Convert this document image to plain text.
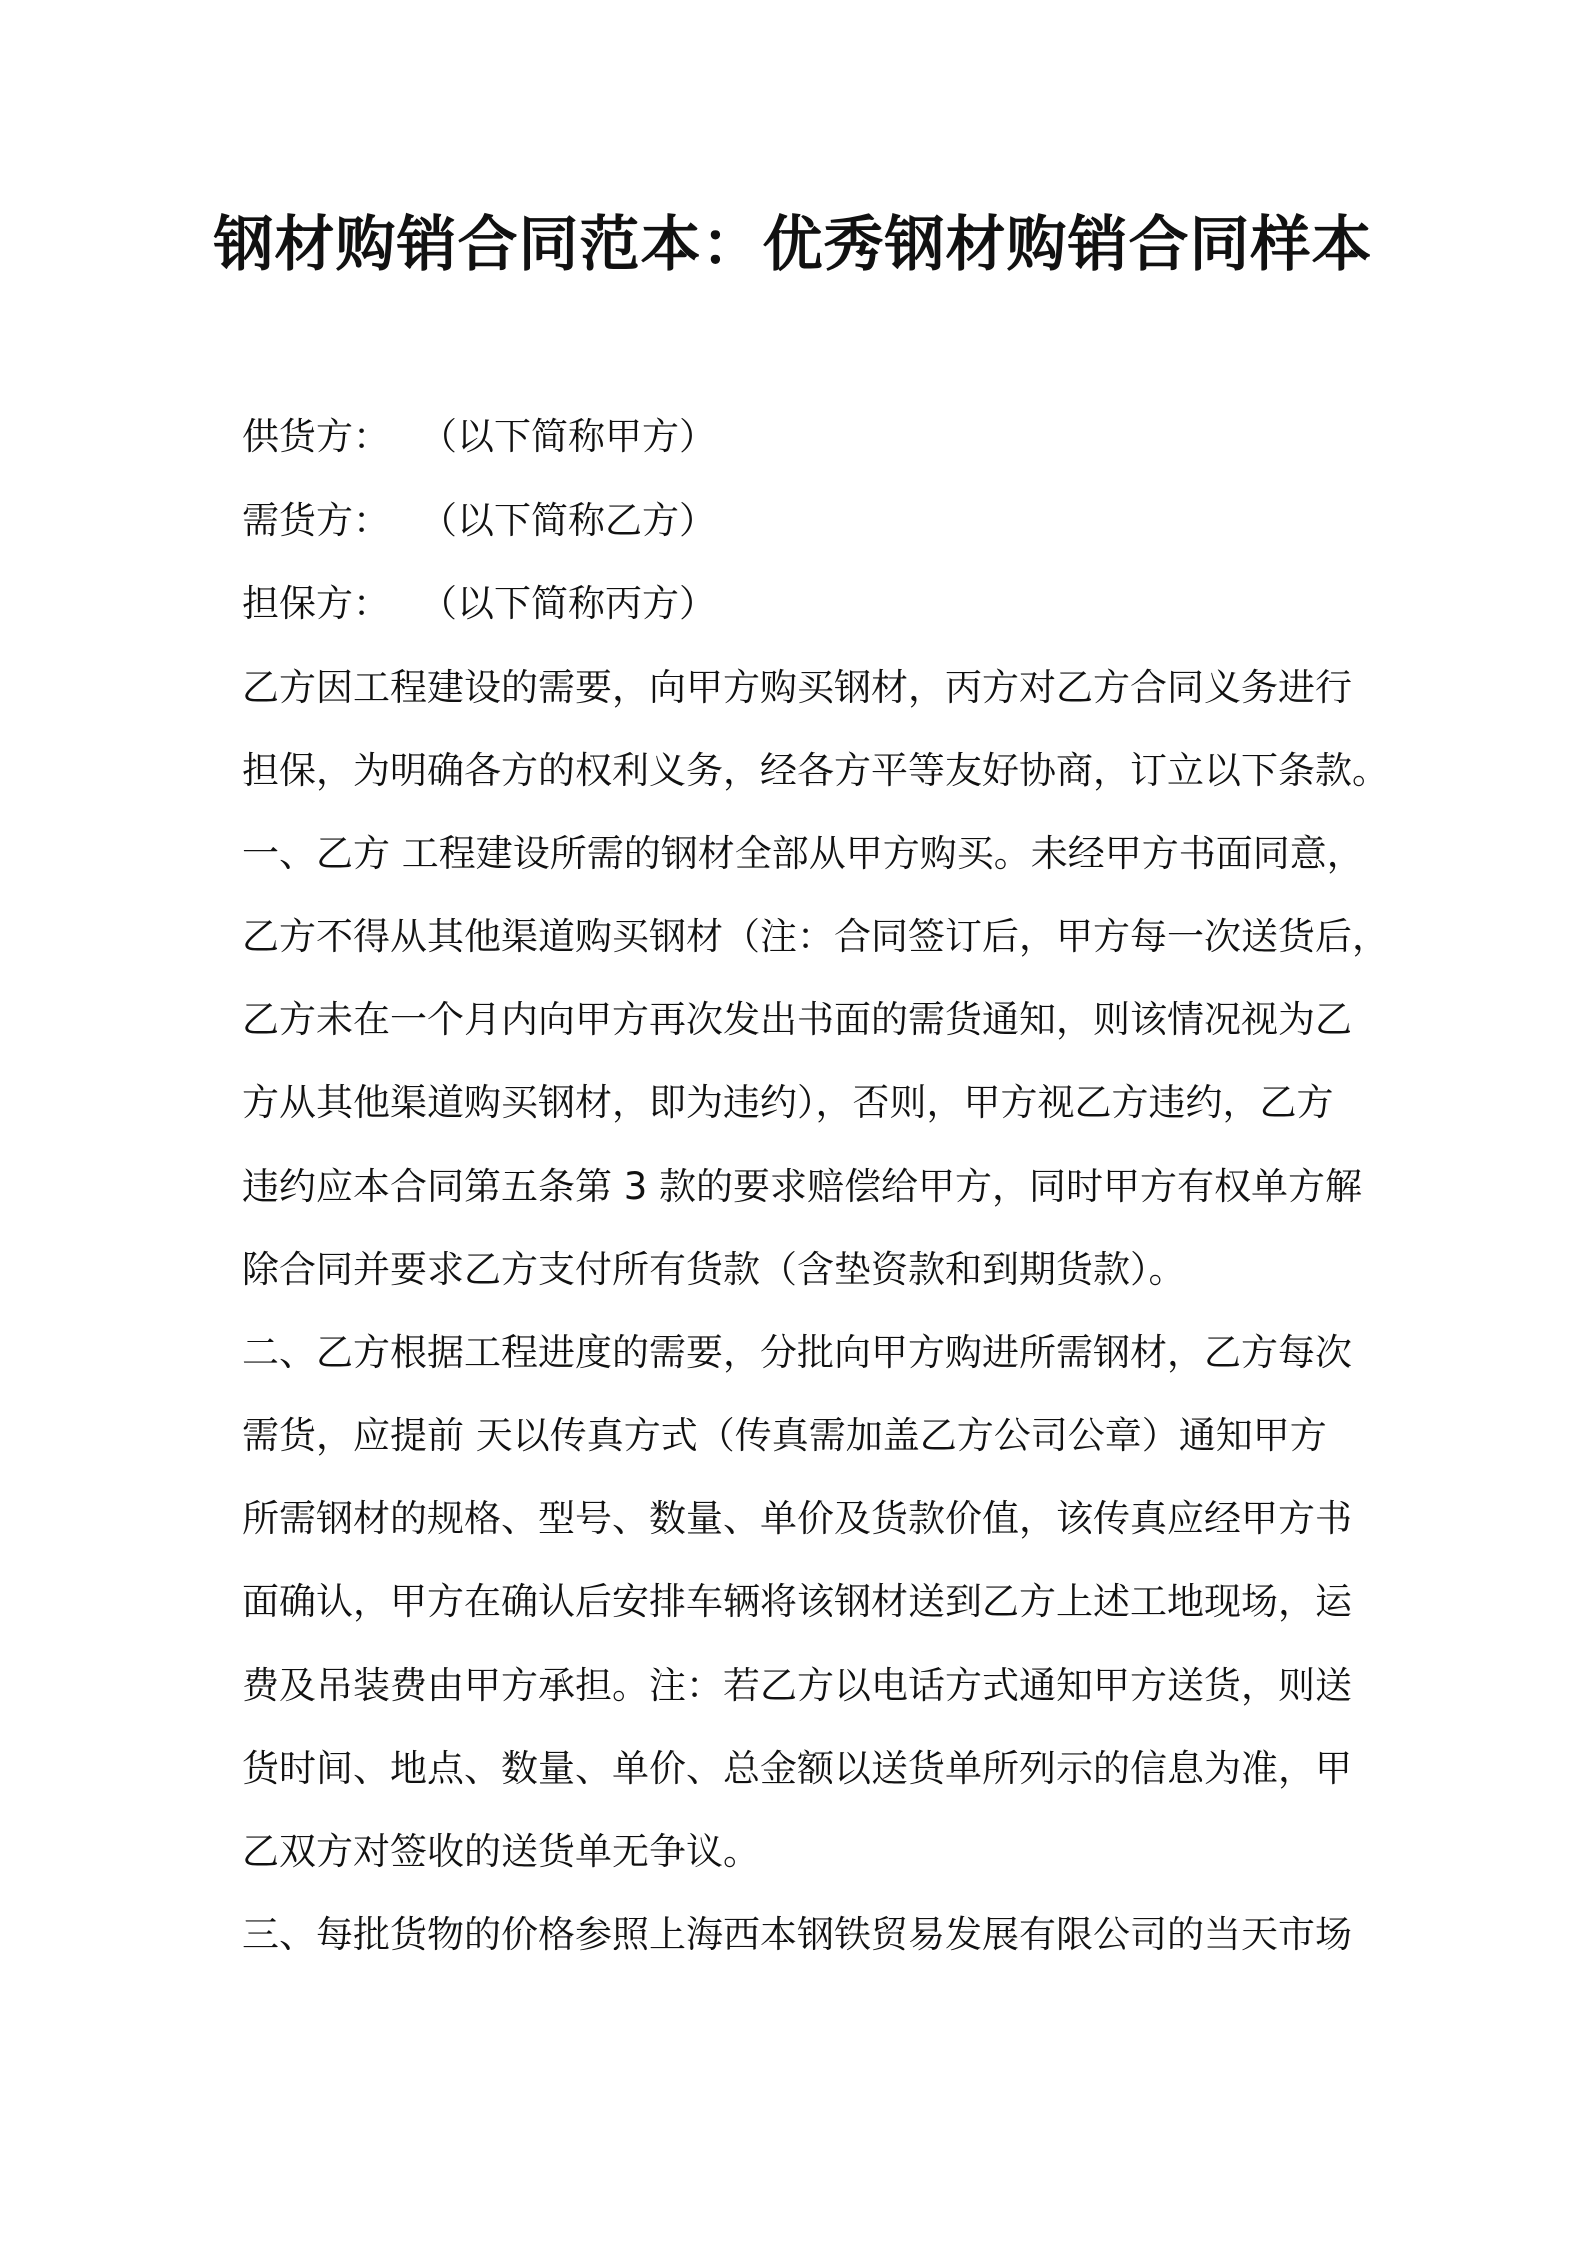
钢材购销合同范本：优秀钢材购销合同样本
供货方： （以下简称甲方）
需货方： （以下简称乙方）
担保方： （以下简称丙方）
乙方因工程建设的需要，向甲方购买钢材，丙方对乙方合同义务进行
担保，为明确各方的权利义务，经各方平等友好协商，订立以下条款。
一、乙方 工程建设所需的钢材全部从甲方购买。未经甲方书面同意，
乙方不得从其他渠道购买钢材（注：合同签订后，甲方每一次送货后，
乙方未在一个月内向甲方再次发出书面的需货通知，则该情况视为乙
方从其他渠道购买钢材，即为违约），否则，甲方视乙方违约，乙方
违约应本合同第五条第 3 款的要求赔偿给甲方，同时甲方有权单方解
除合同并要求乙方支付所有货款（含垫资款和到期货款）。
二、乙方根据工程进度的需要，分批向甲方购进所需钢材，乙方每次
需货，应提前 天以传真方式（传真需加盖乙方公司公章）通知甲方
所需钢材的规格、型号、数量、单价及货款价值，该传真应经甲方书
面确认，甲方在确认后安排车辆将该钢材送到乙方上述工地现场，运
费及吊装费由甲方承担。注：若乙方以电话方式通知甲方送货，则送
货时间、地点、数量、单价、总金额以送货单所列示的信息为准，甲
乙双方对签收的送货单无争议。
三、每批货物的价格参照上海西本钢铁贸易发展有限公司的当天市场
